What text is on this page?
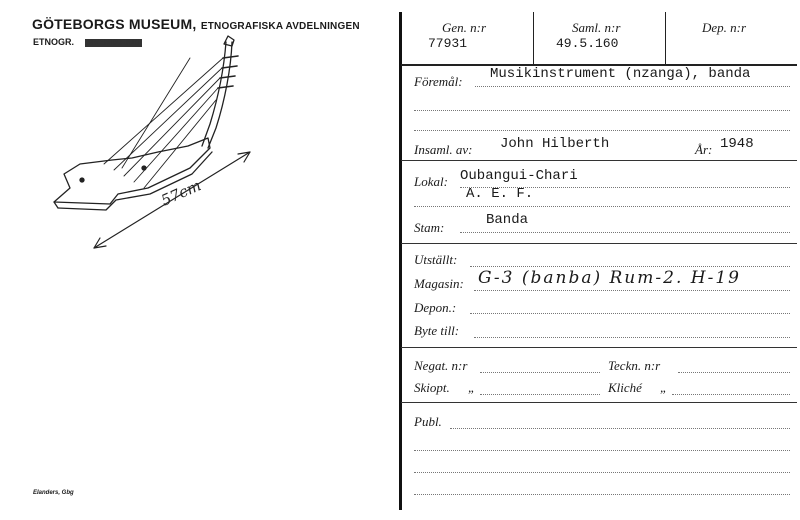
GÖTEBORGS MUSEUM, ETNOGRAFISKA AVDELNINGEN
ETNOGR. INVENTARIUM
57cm
Elanders, Gbg
Gen. n:r
77931
Saml. n:r
49.5.160
Dep. n:r
Föremål: Musikinstrument (nzanga), banda
Insaml. av: John Hilberth	År: 1948
Lokal: Oubangui-Chari
A. E. F.
Stam:	Banda
Utställt:
Magasin: G-3 (banba) Rum-2. H-19
Depon.:
Byte till:
Negat. n:r	Teckn. n:r
Skiopt. „	Kliché „
Publ.
